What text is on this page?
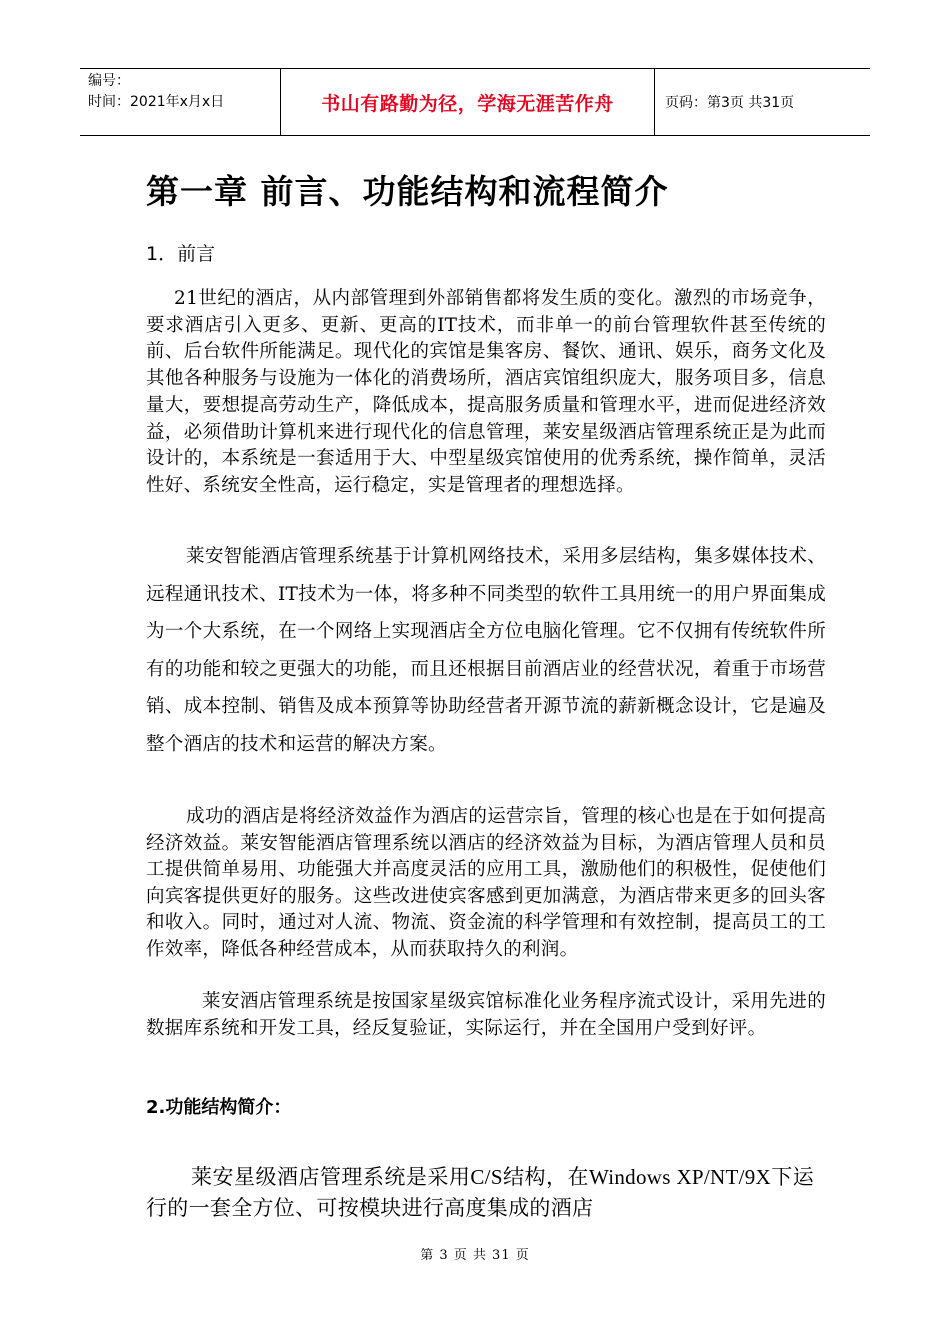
编号：
时间：2021年x月x日	书山有路勤为径，学海无涯苦作舟	页码：第3页 共31页
第一章 前言、功能结构和流程简介
1．前言
21世纪的酒店，从内部管理到外部销售都将发生质的变化。激烈的市场竞争，要求酒店引入更多、更新、更高的IT技术，而非单一的前台管理软件甚至传统的前、后台软件所能满足。现代化的宾馆是集客房、餐饮、通讯、娱乐，商务文化及其他各种服务与设施为一体化的消费场所，酒店宾馆组织庞大，服务项目多，信息量大，要想提高劳动生产，降低成本，提高服务质量和管理水平，进而促进经济效益，必须借助计算机来进行现代化的信息管理，莱安星级酒店管理系统正是为此而设计的，本系统是一套适用于大、中型星级宾馆使用的优秀系统，操作简单，灵活性好、系统安全性高，运行稳定，实是管理者的理想选择。
莱安智能酒店管理系统基于计算机网络技术，采用多层结构，集多媒体技术、远程通讯技术、IT技术为一体，将多种不同类型的软件工具用统一的用户界面集成为一个大系统，在一个网络上实现酒店全方位电脑化管理。它不仅拥有传统软件所有的功能和较之更强大的功能，而且还根据目前酒店业的经营状况，着重于市场营销、成本控制、销售及成本预算等协助经营者开源节流的薪新概念设计，它是遍及整个酒店的技术和运营的解决方案。
成功的酒店是将经济效益作为酒店的运营宗旨，管理的核心也是在于如何提高经济效益。莱安智能酒店管理系统以酒店的经济效益为目标，为酒店管理人员和员工提供简单易用、功能强大并高度灵活的应用工具，激励他们的积极性，促使他们向宾客提供更好的服务。这些改进使宾客感到更加满意，为酒店带来更多的回头客和收入。同时，通过对人流、物流、资金流的科学管理和有效控制，提高员工的工作效率，降低各种经营成本，从而获取持久的利润。
莱安酒店管理系统是按国家星级宾馆标准化业务程序流式设计，采用先进的数据库系统和开发工具，经反复验证，实际运行，并在全国用户受到好评。
2.功能结构简介：
莱安星级酒店管理系统是采用C/S结构，在Windows XP/NT/9X下运行的一套全方位、可按模块进行高度集成的酒店
第 3 页 共 31 页
